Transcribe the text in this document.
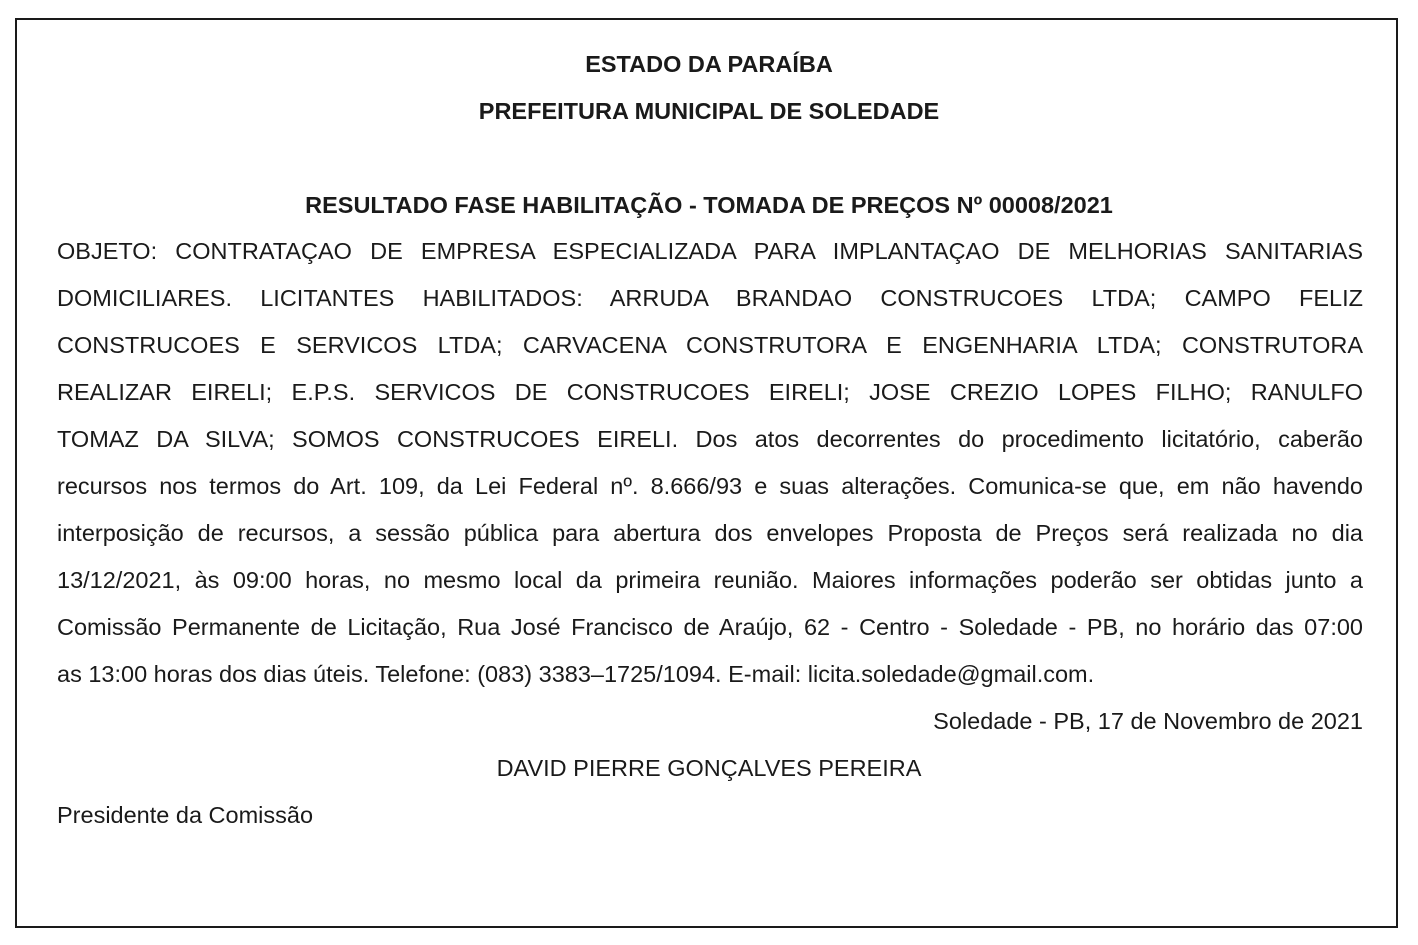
ESTADO DA PARAÍBA
PREFEITURA MUNICIPAL DE SOLEDADE
RESULTADO FASE HABILITAÇÃO - TOMADA DE PREÇOS Nº 00008/2021
OBJETO: CONTRATAÇAO DE EMPRESA ESPECIALIZADA PARA IMPLANTAÇAO DE MELHORIAS SANITARIAS
DOMICILIARES. LICITANTES HABILITADOS: ARRUDA BRANDAO CONSTRUCOES LTDA; CAMPO FELIZ
CONSTRUCOES E SERVICOS LTDA; CARVACENA CONSTRUTORA E ENGENHARIA LTDA; CONSTRUTORA
REALIZAR EIRELI; E.P.S. SERVICOS DE CONSTRUCOES EIRELI; JOSE CREZIO LOPES FILHO; RANULFO
TOMAZ DA SILVA; SOMOS CONSTRUCOES EIRELI. Dos atos decorrentes do procedimento licitatório, caberão
recursos nos termos do Art. 109, da Lei Federal nº. 8.666/93 e suas alterações. Comunica-se que, em não havendo
interposição de recursos, a sessão pública para abertura dos envelopes Proposta de Preços será realizada no dia
13/12/2021, às 09:00 horas, no mesmo local da primeira reunião. Maiores informações poderão ser obtidas junto a
Comissão Permanente de Licitação, Rua José Francisco de Araújo, 62 - Centro - Soledade - PB, no horário das 07:00
as 13:00 horas dos dias úteis. Telefone: (083) 3383–1725/1094. E-mail: licita.soledade@gmail.com.
Soledade - PB, 17 de Novembro de 2021
DAVID PIERRE GONÇALVES PEREIRA
Presidente da Comissão
